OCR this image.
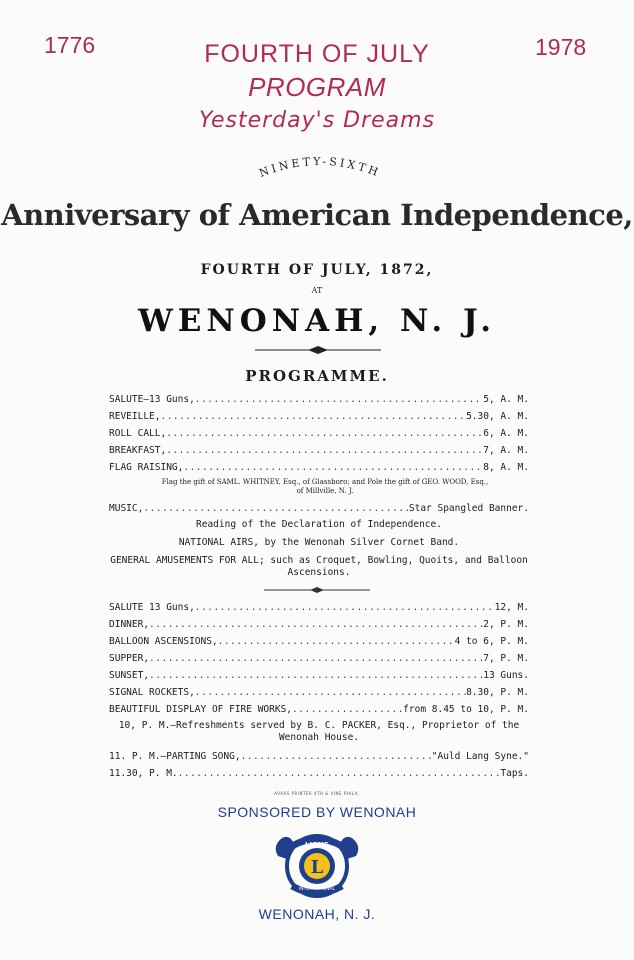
1776	1978
FOURTH OF JULY
PROGRAM
Yesterday's Dreams
NINETY-SIXTH
Anniversary of American Independence,
FOURTH OF JULY, 1872,
AT
WENONAH, N. J.
PROGRAMME.
SALUTE—13 Guns, .....	5, A. M.
REVEILLE, .....	5.30, A. M.
ROLL CALL, .....	6, A. M.
BREAKFAST, .....	7, A. M.
FLAG RAISING, .....	8, A. M.
Flag the gift of SAML. WHITNEY, Esq., of Glassboro; and Pole the gift of GEO. WOOD, Esq., of Millville, N. J.
MUSIC, .....	Star Spangled Banner.
Reading of the Declaration of Independence.
NATIONAL AIRS, by the Wenonah Silver Cornet Band.
GENERAL AMUSEMENTS FOR ALL; such as Croquet, Bowling, Quoits, and Balloon Ascensions.
SALUTE 13 Guns, .....	12, M.
DINNER, .....	2, P. M.
BALLOON ASCENSIONS, .....	4 to 6, P. M.
SUPPER, .....	7, P. M.
SUNSET, .....	13 Guns.
SIGNAL ROCKETS, .....	8.30, P. M.
BEAUTIFUL DISPLAY OF FIRE WORKS, .....	from 8.45 to 10, P. M.
10, P. M.—Refreshments served by B. C. PACKER, Esq., Proprietor of the Wenonah House.
11. P. M.—PARTING SONG, .....	"Auld Lang Syne."
11.30, P. M. .....	Taps.
AVARS PRINTER 4TH & VINE PHILA.
SPONSORED BY WENONAH
LIONS
L
INTERNATIONAL
WENONAH, N. J.
